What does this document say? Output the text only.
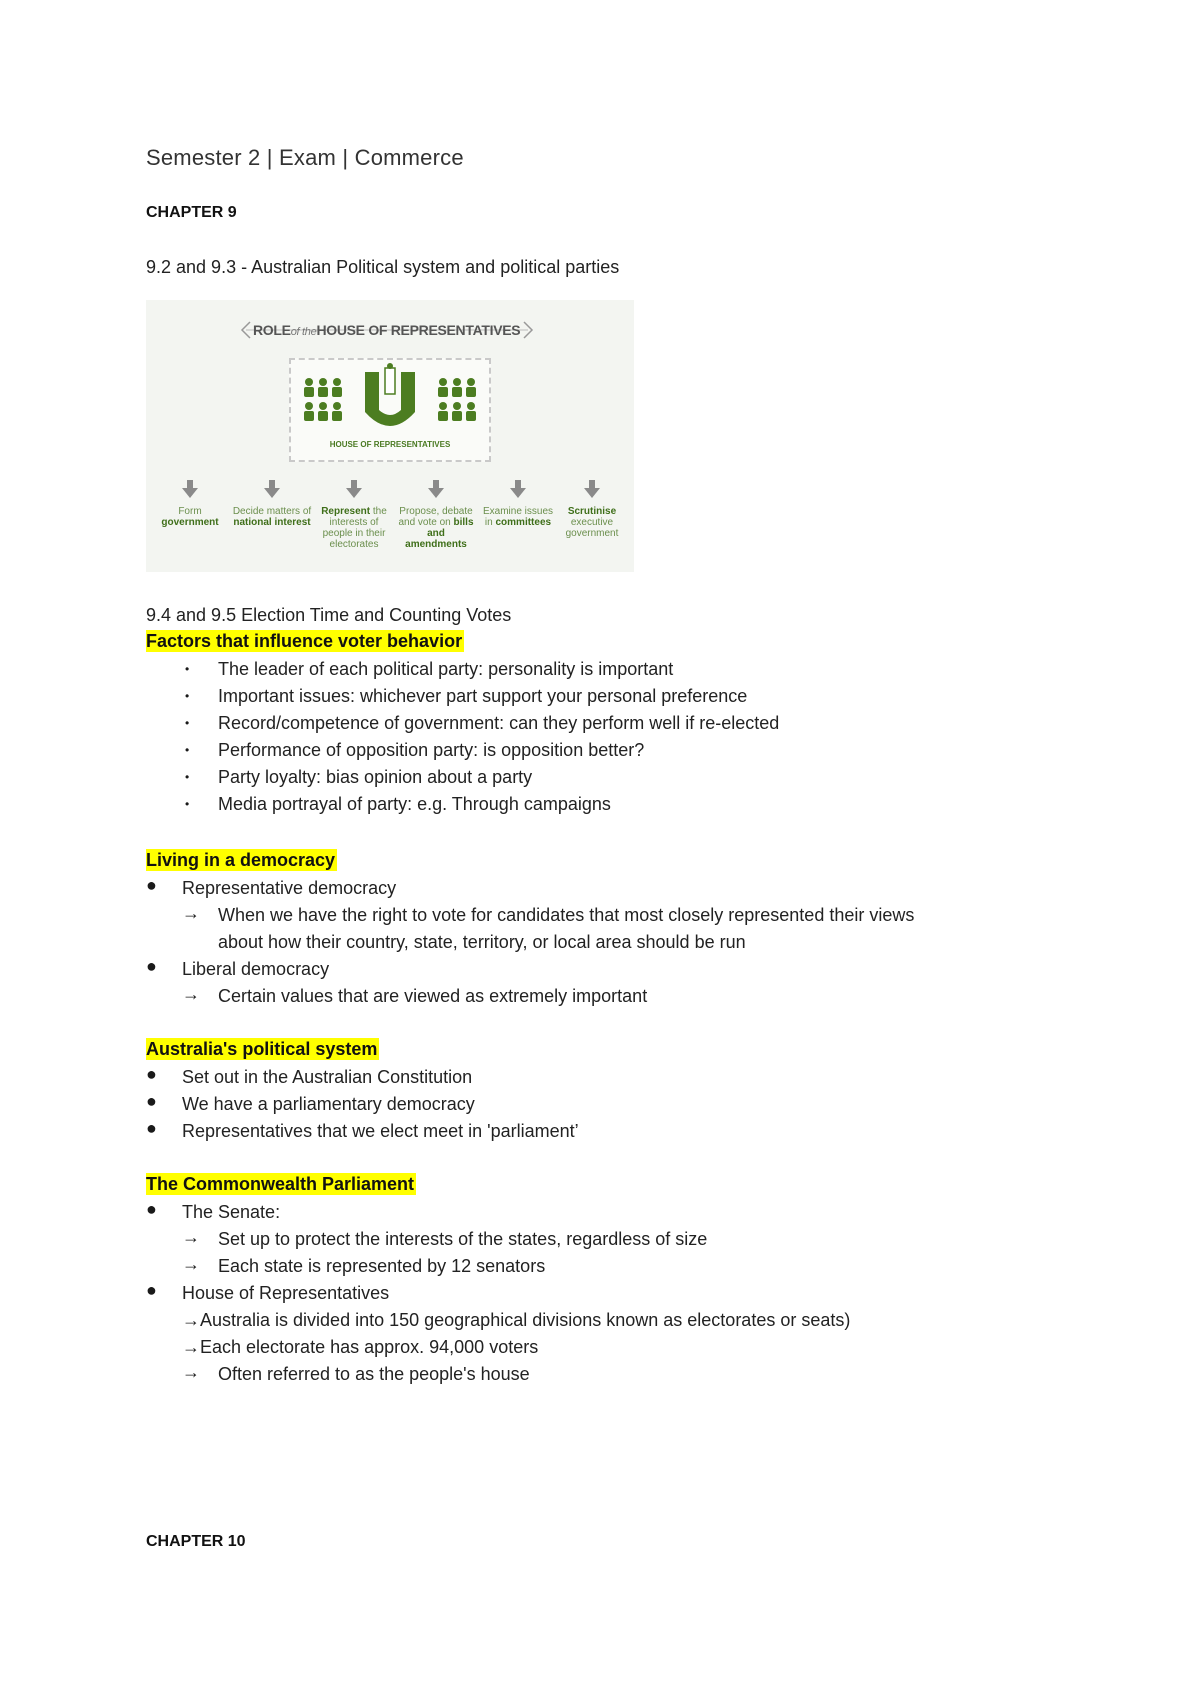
Semester 2 | Exam | Commerce
CHAPTER 9
9.2 and 9.3 - Australian Political system and political parties
ROLEof theHOUSE OF REPRESENTATIVES
HOUSE OF REPRESENTATIVES
Form government
Decide matters of national interest
Represent the interests of people in their electorates
Propose, debate and vote on bills and amendments
Examine issues in committees
Scrutinise executive government
9.4 and 9.5 Election Time and Counting Votes
Factors that influence voter behavior
• The leader of each political party: personality is important
• Important issues: whichever part support your personal preference
• Record/competence of government: can they perform well if re-elected
• Performance of opposition party: is opposition better?
• Party loyalty: bias opinion about a party
• Media portrayal of party: e.g. Through campaigns
Living in a democracy
● Representative democracy
→ When we have the right to vote for candidates that most closely represented their views
about how their country, state, territory, or local area should be run
● Liberal democracy
→ Certain values that are viewed as extremely important
Australia's political system
● Set out in the Australian Constitution
● We have a parliamentary democracy
● Representatives that we elect meet in 'parliament’
The Commonwealth Parliament
● The Senate:
→ Set up to protect the interests of the states, regardless of size
→ Each state is represented by 12 senators
● House of Representatives
→Australia is divided into 150 geographical divisions known as electorates or seats)
→Each electorate has approx. 94,000 voters
→ Often referred to as the people's house
CHAPTER 10
